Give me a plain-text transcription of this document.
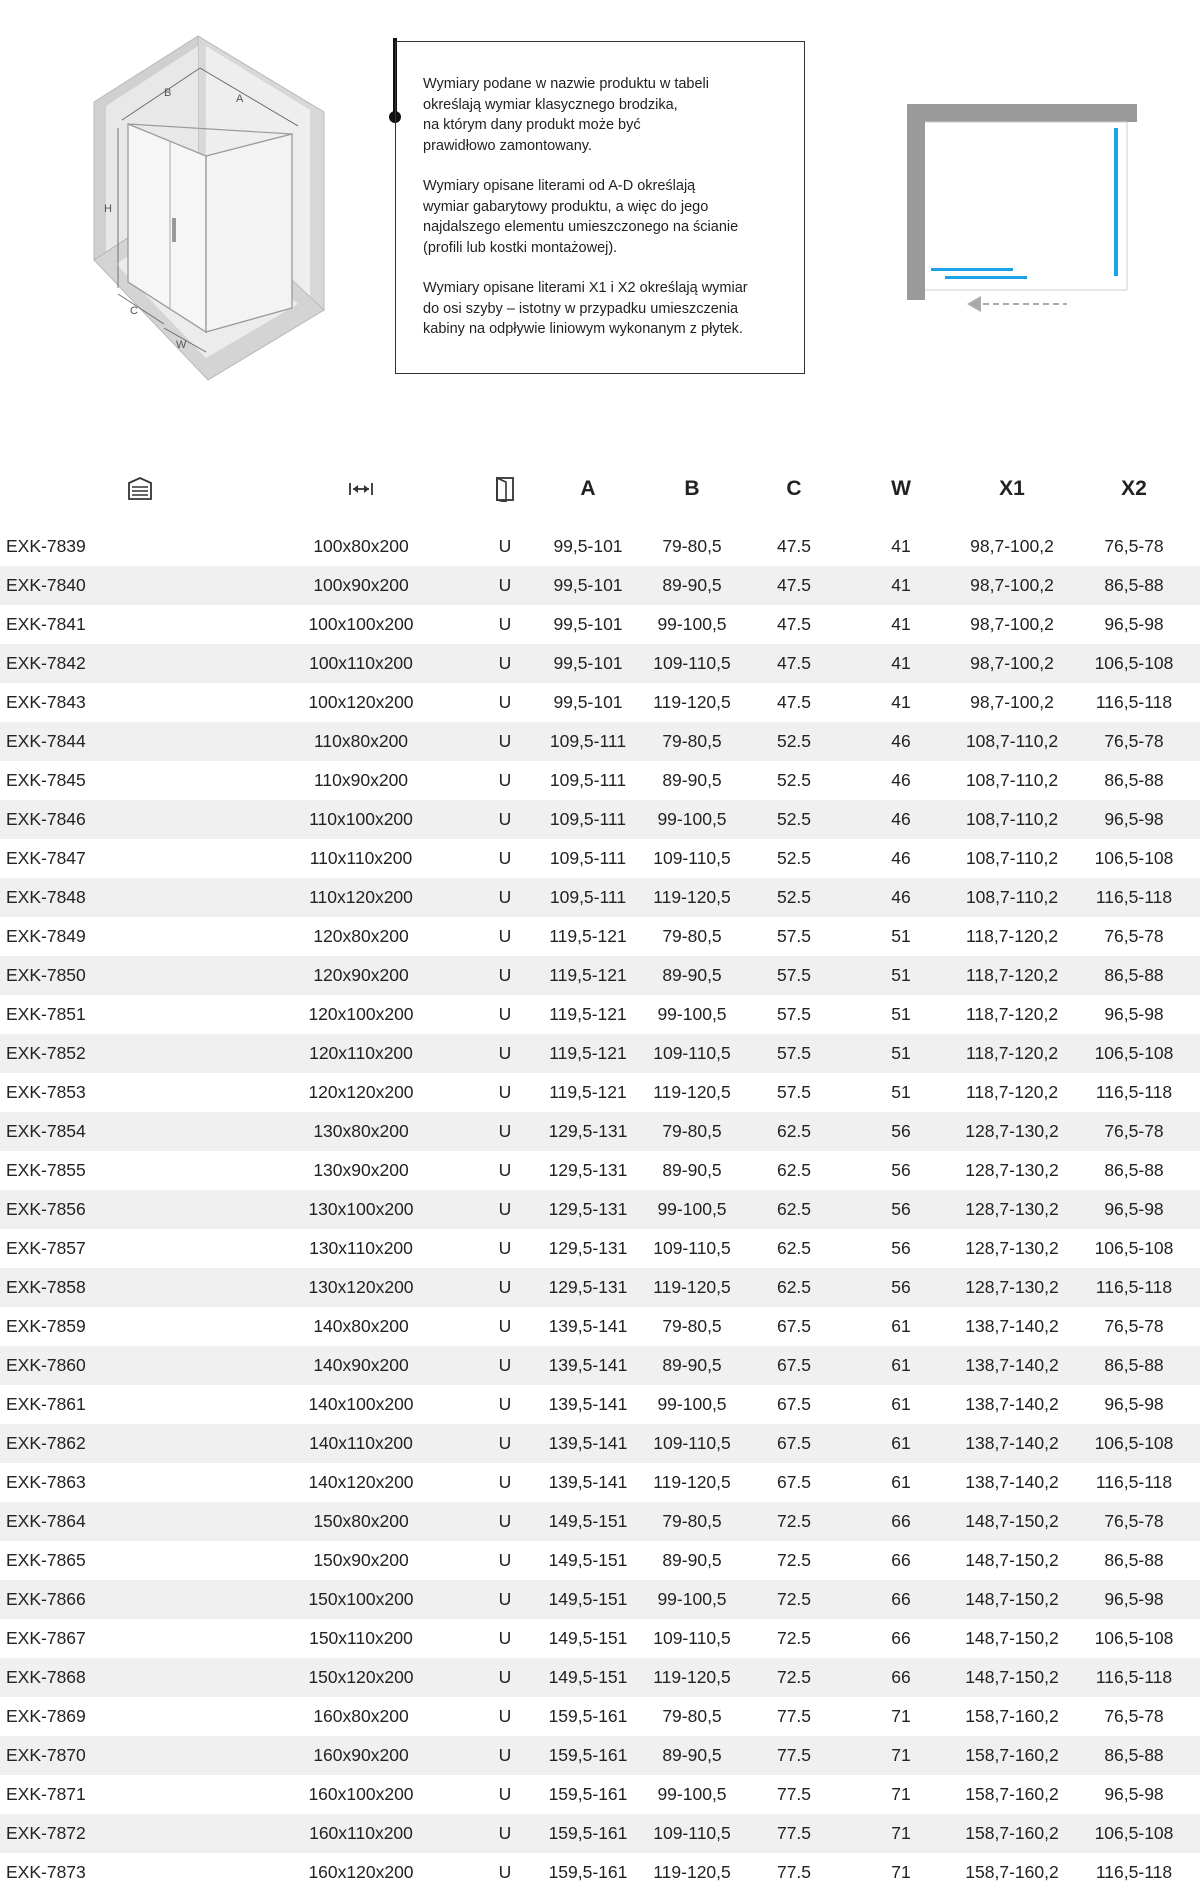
B	A
H
C
W

Wymiary podane w nazwie produktu w tabeli
określają wymiar klasycznego brodzika,
na którym dany produkt może być
prawidłowo zamontowany.

Wymiary opisane literami od A-D określają
wymiar gabarytowy produktu, a więc do jego
najdalszego elementu umieszczonego na ścianie
(profili lub kostki montażowej).

Wymiary opisane literami X1 i X2 określają wymiar
do osi szyby – istotny w przypadku umieszczenia
kabiny na odpływie liniowym wykonanym z płytek.

			A	B	C	W	X1	X2
EXK-7839	100x80x200	U	99,5-101	79-80,5	47.5	41	98,7-100,2	76,5-78
EXK-7840	100x90x200	U	99,5-101	89-90,5	47.5	41	98,7-100,2	86,5-88
EXK-7841	100x100x200	U	99,5-101	99-100,5	47.5	41	98,7-100,2	96,5-98
EXK-7842	100x110x200	U	99,5-101	109-110,5	47.5	41	98,7-100,2	106,5-108
EXK-7843	100x120x200	U	99,5-101	119-120,5	47.5	41	98,7-100,2	116,5-118
EXK-7844	110x80x200	U	109,5-111	79-80,5	52.5	46	108,7-110,2	76,5-78
EXK-7845	110x90x200	U	109,5-111	89-90,5	52.5	46	108,7-110,2	86,5-88
EXK-7846	110x100x200	U	109,5-111	99-100,5	52.5	46	108,7-110,2	96,5-98
EXK-7847	110x110x200	U	109,5-111	109-110,5	52.5	46	108,7-110,2	106,5-108
EXK-7848	110x120x200	U	109,5-111	119-120,5	52.5	46	108,7-110,2	116,5-118
EXK-7849	120x80x200	U	119,5-121	79-80,5	57.5	51	118,7-120,2	76,5-78
EXK-7850	120x90x200	U	119,5-121	89-90,5	57.5	51	118,7-120,2	86,5-88
EXK-7851	120x100x200	U	119,5-121	99-100,5	57.5	51	118,7-120,2	96,5-98
EXK-7852	120x110x200	U	119,5-121	109-110,5	57.5	51	118,7-120,2	106,5-108
EXK-7853	120x120x200	U	119,5-121	119-120,5	57.5	51	118,7-120,2	116,5-118
EXK-7854	130x80x200	U	129,5-131	79-80,5	62.5	56	128,7-130,2	76,5-78
EXK-7855	130x90x200	U	129,5-131	89-90,5	62.5	56	128,7-130,2	86,5-88
EXK-7856	130x100x200	U	129,5-131	99-100,5	62.5	56	128,7-130,2	96,5-98
EXK-7857	130x110x200	U	129,5-131	109-110,5	62.5	56	128,7-130,2	106,5-108
EXK-7858	130x120x200	U	129,5-131	119-120,5	62.5	56	128,7-130,2	116,5-118
EXK-7859	140x80x200	U	139,5-141	79-80,5	67.5	61	138,7-140,2	76,5-78
EXK-7860	140x90x200	U	139,5-141	89-90,5	67.5	61	138,7-140,2	86,5-88
EXK-7861	140x100x200	U	139,5-141	99-100,5	67.5	61	138,7-140,2	96,5-98
EXK-7862	140x110x200	U	139,5-141	109-110,5	67.5	61	138,7-140,2	106,5-108
EXK-7863	140x120x200	U	139,5-141	119-120,5	67.5	61	138,7-140,2	116,5-118
EXK-7864	150x80x200	U	149,5-151	79-80,5	72.5	66	148,7-150,2	76,5-78
EXK-7865	150x90x200	U	149,5-151	89-90,5	72.5	66	148,7-150,2	86,5-88
EXK-7866	150x100x200	U	149,5-151	99-100,5	72.5	66	148,7-150,2	96,5-98
EXK-7867	150x110x200	U	149,5-151	109-110,5	72.5	66	148,7-150,2	106,5-108
EXK-7868	150x120x200	U	149,5-151	119-120,5	72.5	66	148,7-150,2	116,5-118
EXK-7869	160x80x200	U	159,5-161	79-80,5	77.5	71	158,7-160,2	76,5-78
EXK-7870	160x90x200	U	159,5-161	89-90,5	77.5	71	158,7-160,2	86,5-88
EXK-7871	160x100x200	U	159,5-161	99-100,5	77.5	71	158,7-160,2	96,5-98
EXK-7872	160x110x200	U	159,5-161	109-110,5	77.5	71	158,7-160,2	106,5-108
EXK-7873	160x120x200	U	159,5-161	119-120,5	77.5	71	158,7-160,2	116,5-118
